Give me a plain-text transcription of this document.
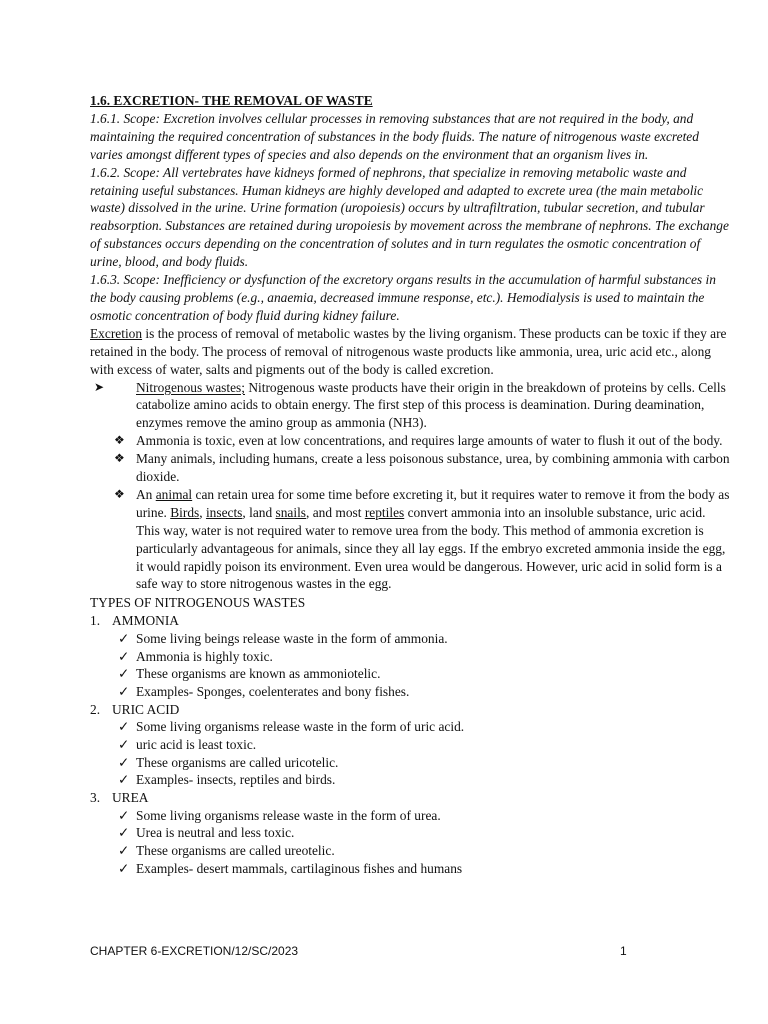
1.6. EXCRETION- THE REMOVAL OF WASTE
1.6.1. Scope: Excretion involves cellular processes in removing substances that are not required in the body, and maintaining the required concentration of substances in the body fluids. The nature of nitrogenous waste excreted varies amongst different types of species and also depends on the environment that an organism lives in.
1.6.2. Scope: All vertebrates have kidneys formed of nephrons, that specialize in removing metabolic waste and retaining useful substances. Human kidneys are highly developed and adapted to excrete urea (the main metabolic waste) dissolved in the urine. Urine formation (uropoiesis) occurs by ultrafiltration, tubular secretion, and tubular reabsorption. Substances are retained during uropoiesis by movement across the membrane of nephrons. The exchange of substances occurs depending on the concentration of solutes and in turn regulates the osmotic concentration of urine, blood, and body fluids.
1.6.3. Scope: Inefficiency or dysfunction of the excretory organs results in the accumulation of harmful substances in the body causing problems (e.g., anaemia, decreased immune response, etc.). Hemodialysis is used to maintain the osmotic concentration of body fluid during kidney failure.
Excretion is the process of removal of metabolic wastes by the living organism. These products can be toxic if they are retained in the body. The process of removal of nitrogenous waste products like ammonia, urea, uric acid etc., along with excess of water, salts and pigments out of the body is called excretion.
➤ Nitrogenous wastes; Nitrogenous waste products have their origin in the breakdown of proteins by cells. Cells catabolize amino acids to obtain energy. The first step of this process is deamination. During deamination, enzymes remove the amino group as ammonia (NH3).
❖ Ammonia is toxic, even at low concentrations, and requires large amounts of water to flush it out of the body.
❖ Many animals, including humans, create a less poisonous substance, urea, by combining ammonia with carbon dioxide.
❖ An animal can retain urea for some time before excreting it, but it requires water to remove it from the body as urine. Birds, insects, land snails, and most reptiles convert ammonia into an insoluble substance, uric acid. This way, water is not required water to remove urea from the body. This method of ammonia excretion is particularly advantageous for animals, since they all lay eggs. If the embryo excreted ammonia inside the egg, it would rapidly poison its environment. Even urea would be dangerous. However, uric acid in solid form is a safe way to store nitrogenous wastes in the egg.
TYPES OF NITROGENOUS WASTES
1. AMMONIA
✓ Some living beings release waste in the form of ammonia.
✓ Ammonia is highly toxic.
✓ These organisms are known as ammoniotelic.
✓ Examples- Sponges, coelenterates and bony fishes.
2. URIC ACID
✓ Some living organisms release waste in the form of uric acid.
✓ uric acid is least toxic.
✓ These organisms are called uricotelic.
✓ Examples- insects, reptiles and birds.
3. UREA
✓ Some living organisms release waste in the form of urea.
✓ Urea is neutral and less toxic.
✓ These organisms are called ureotelic.
✓ Examples- desert mammals, cartilaginous fishes and humans
CHAPTER 6-EXCRETION/12/SC/2023	1
